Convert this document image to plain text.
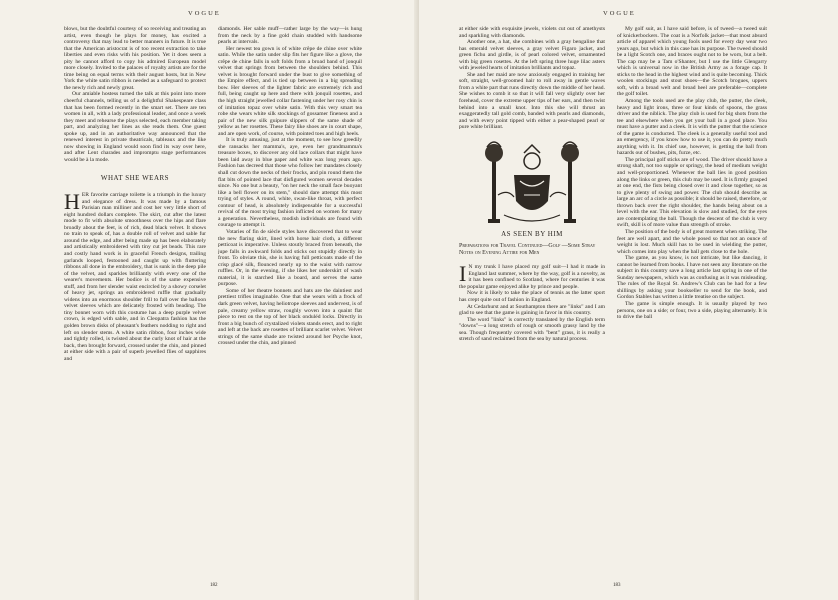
VOGUE

blows, but the doubtful courtesy of so receiving and treating an artist, even though he plays for money, has excited a controversy that may lead to better manners in future. It is true that the American aristocrat is of too recent extraction to take liberties and even risks with his position. Yet it does seem a pity he cannot afford to copy his admired European model more closely. Invited to the palaces of royalty artists are for the time being on equal terms with their august hosts, but in New York the white satin ribbon is needed as a safeguard to protect the newly rich and newly great.

Our amiable hostess turned the talk at this point into more cheerful channels, telling us of a delightful Shakespeare class that has been formed recently in the smart set. There are ten women in all, with a lady professional leader, and once a week they meet and rehearse the plays selected, each member taking part, and analyzing her lines as she reads them. One guest spoke up, and in an authoritative way announced that the renewed interest in private theatricals, tableaux and the like now showing in England would soon find its way over here, and after Lent charades and impromptu stage performances would be à la mode.

WHAT SHE WEARS

HER favorite carriage toilette is a triumph in the luxury and elegance of dress. It was made by a famous Parisian man milliner and cost her very little short of eight hundred dollars complete. The skirt, cut after the latest mode to fit with absolute smoothness over the hips and flare broadly about the feet, is of rich, dead black velvet. It shows no train to speak of, has a double roll of velvet and sable fur around the edge, and after being made up has been elaborately and artistically embroidered with tiny cut jet beads. This rare and costly hand work is in graceful French designs, trailing garlands looped, festooned and caught up with fluttering ribbons all done in the embroidery, that is sunk in the deep pile of the velvet, and sparkles brilliantly with every one of the wearer's movements. Her bodice is of the same expensive stuff, and from her slender waist encircled by a showy corselet of heavy jet, springs an embroidered ruffle that gradually widens into an enormous shoulder frill to fall over the balloon velvet sleeves which are delicately frosted with beading. The tiny bonnet worn with this costume has a deep purple velvet crown, is edged with sable, and in Cleopatra fashion has the golden brown disks of pheasant's feathers nodding to right and left on slender stems. A white satin ribbon, four inches wide and tightly rolled, is twisted about the curly knot of hair at the back, then brought forward, crossed under the chin, and pinned at either side with a pair of superb jewelled flies of sapphires and

diamonds. Her sable muff—rather large by the way—is hung from the neck by a fine gold chain studded with handsome pearls at intervals.

Her newest tea gown is of white crêpe de chine over white satin. While the satin under slip fits her figure like a glove, the crêpe de chine falls in soft folds from a broad band of jonquil velvet that springs from between the shoulders behind. This velvet is brought forward under the bust to give something of the Empire effect, and is tied up between in a big spreading bow. Her sleeves of the lighter fabric are extremely rich and full, being caught up here and there with jonquil rosettes, and the high straight jewelled collar fastening under her rosy chin is of imitation topaz over white satin. With this very smart tea robe she wears white silk stockings of gossamer fineness and a pair of the new silk guipure slippers of the same shade of yellow as her rosettes. These fairy like shoes are in court shape, and are open work, of course, with pointed toes and high heels.

It is truly amusing, just at the moment, to see how greedily she ransacks her mamma's, aye, even her grandmamma's treasure boxes, to discover any old lace collars that might have been laid away in blue paper and white wax long years ago. Fashion has decreed that those who follow her mandates closely shall cut down the necks of their frocks, and pin round them the flat bits of pointed lace that disfigured women several decades since. No one but a beauty, "on her neck the small face buoyant like a bell flower on its stem," should dare attempt this most trying of styles. A round, white, swan-like throat, with perfect contour of head, is absolutely indispensable for a successful revival of the most trying fashion inflicted on women for many a generation. Nevertheless, modish individuals are found with courage to attempt it.

Votaries of fin de siècle styles have discovered that to wear the new flaring skirt, lined with horse hair cloth, a different petticoat is imperative. Unless stoutly braced from beneath, the jupe falls in awkward folds and sticks out stupidly directly in front. To obviate this, she is having full petticoats made of the crisp glacé silk, flounced nearly up to the waist with narrow ruffles. Or, in the evening, if she likes her underskirt of wash material, it is starched like a board, and serves the same purpose.

Some of her theatre bonnets and hats are the daintiest and prettiest trifles imaginable. One that she wears with a frock of dark green velvet, having heliotrope sleeves and undervest, is of pale, creamy yellow straw, roughly woven into a quaint flat piece to rest on the top of her black onduléd locks. Directly in front a big bunch of crystalized violets stands erect, and to right and left at the back are rosettes of brilliant scarlet velvet. Velvet strings of the same shade are twisted around her Psyche knot, crossed under the chin, and pinned

182
VOGUE

at either side with exquisite jewels, violets cut out of amethysts and sparkling with diamonds.

Another one, a hat, she combines with a gray bengaline that has emerald velvet sleeves, a gray velvet Figaro jacket, and green fichu and girdle, is of pearl colored velvet, ornamented with big green rosettes. At the left spring three huge lilac asters with jeweled hearts of imitation brilliants and topaz.

She and her maid are now anxiously engaged in training her soft, straight, well-groomed hair to roll away in gentle waves from a white part that runs directly down the middle of her head. She wishes to comb it so that it will fall very slightly over her forehead, cover the extreme upper tips of her ears, and then twist behind into a small knot. Into this she will thrust an exaggeratedly tall gold comb, banded with pearls and diamonds, and with every point tipped with either a pear-shaped pearl or pure white brilliant.

AS SEEN BY HIM
Preparations for Travel Continued—Golf —Some Stray Notes on Evening Attire for Men

I N my trunk I have placed my golf suit—I had it made in England last summer, where by the way, golf is a novelty, as it has been confined to Scotland, where for centuries it was the popular game enjoyed alike by prince and people.

Now it is likely to take the place of tennis as the latter sport has crept quite out of fashion in England.

At Cedarhurst and at Southampton there are "links" and I am glad to see that the game is gaining in favor in this country.

The word "links" is correctly translated by the English term "downs"—a long stretch of rough or smooth grassy land by the sea. Though frequently covered with "bent" grass, it is really a stretch of sand reclaimed from the sea by natural process.

My golf suit, as I have said before, is of tweed—a tweed suit of knickerbockers. The coat is a Norfolk jacket—that most absurd article of apparel which young fools used for every day wear two years ago, but which in this case has its purpose. The tweed should be a light Scotch one, and braces ought not to be worn, but a belt. The cap may be a Tam o'Shanter, but I use the little Glengarry which is universal now in the British Army as a forage cap. It sticks to the head in the highest wind and is quite becoming. Thick woolen stockings and stout shoes—the Scotch brogues, uppers soft, with a broad welt and broad heel are preferable—complete the golf toilet.

Among the tools used are the play club, the putter, the cleek, heavy and light irons, three or four kinds of spoons, the grass driver and the niblick. The play club is used for big shots from the tee and elsewhere when you get your ball in a good place. You must have a putter and a cleek. It is with the putter that the science of the game is conducted. The cleek is a generally useful tool and an emergency, if you know how to use it, you can do pretty much anything with it. Its chief use, however, is getting the ball from hazards out of bushes, pits, furze, etc.

The principal golf sticks are of wood. The driver should have a strong shaft, not too supple or springy, the head of medium weight and well-proportioned. Whenever the ball lies in good position along the links or green, this club may be used. It is firmly grasped at one end, the fists being closed over it and close together, so as to give plenty of swing and power. The club should describe as large an arc of a circle as possible; it should be raised, therefore, or thrown back over the right shoulder, the hands being about on a level with the ear. This elevation is slow and studied, for the eyes are contemplating the ball. Though the descent of the club is very swift, skill is of more value than strength of stroke.

The position of the body is of great moment when striking. The feet are well apart, and the whole posed so that not an ounce of weight is lost. Much skill has to be used in wielding the putter, which comes into play when the ball gets close to the hole.

The game, as you know, is not intricate, but like dancing, it cannot be learned from books. I have not seen any literature on the subject in this country save a long article last spring in one of the Sunday newspapers, which was as confusing as it was misleading. The rules of the Royal St. Andrew's Club can be had for a few shillings by asking your bookseller to send for the book, and Gordon Stables has written a little treatise on the subject.

The game is simple enough. It is usually played by two persons, one on a side; or four, two a side, playing alternately. It is to drive the ball

183
